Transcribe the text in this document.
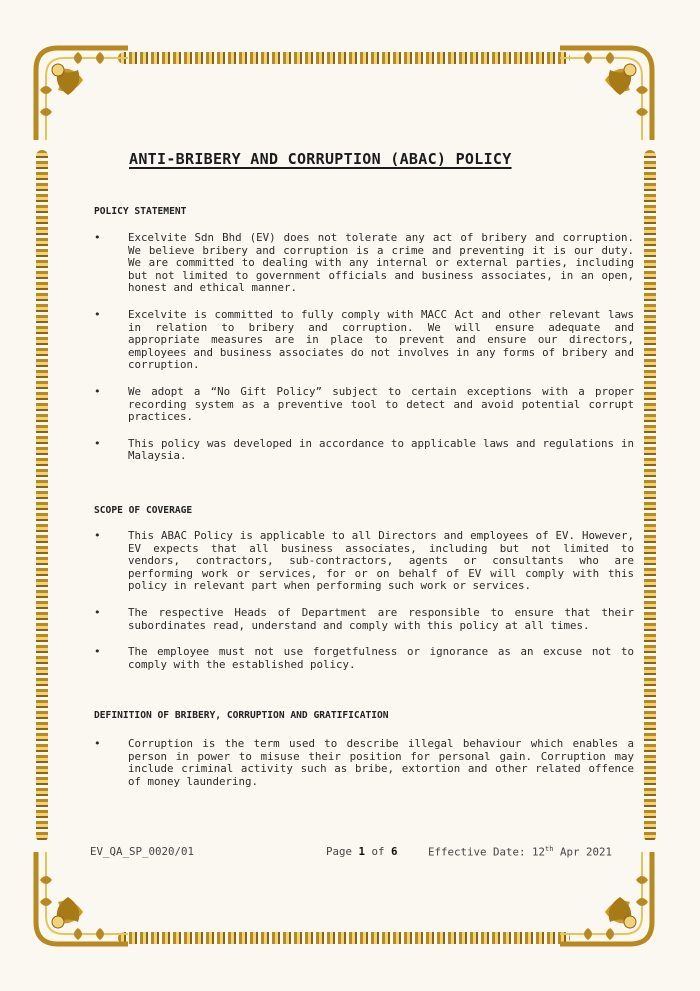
ANTI-BRIBERY AND CORRUPTION (ABAC) POLICY
POLICY STATEMENT
•	Excelvite Sdn Bhd (EV) does not tolerate any act of bribery and corruption. We believe bribery and corruption is a crime and preventing it is our duty. We are committed to dealing with any internal or external parties, including but not limited to government officials and business associates, in an open, honest and ethical manner.
•	Excelvite is committed to fully comply with MACC Act and other relevant laws in relation to bribery and corruption. We will ensure adequate and appropriate measures are in place to prevent and ensure our directors, employees and business associates do not involves in any forms of bribery and corruption.
•	We adopt a “No Gift Policy” subject to certain exceptions with a proper recording system as a preventive tool to detect and avoid potential corrupt practices.
•	This policy was developed in accordance to applicable laws and regulations in Malaysia.
SCOPE OF COVERAGE
•	This ABAC Policy is applicable to all Directors and employees of EV. However, EV expects that all business associates, including but not limited to vendors, contractors, sub-contractors, agents or consultants who are performing work or services, for or on behalf of EV will comply with this policy in relevant part when performing such work or services.
•	The respective Heads of Department are responsible to ensure that their subordinates read, understand and comply with this policy at all times.
•	The employee must not use forgetfulness or ignorance as an excuse not to comply with the established policy.
DEFINITION OF BRIBERY, CORRUPTION AND GRATIFICATION
•	Corruption is the term used to describe illegal behaviour which enables a person in power to misuse their position for personal gain. Corruption may include criminal activity such as bribe, extortion and other related offence of money laundering.
EV_QA_SP_0020/01	Page 1 of 6	Effective Date: 12th Apr 2021
